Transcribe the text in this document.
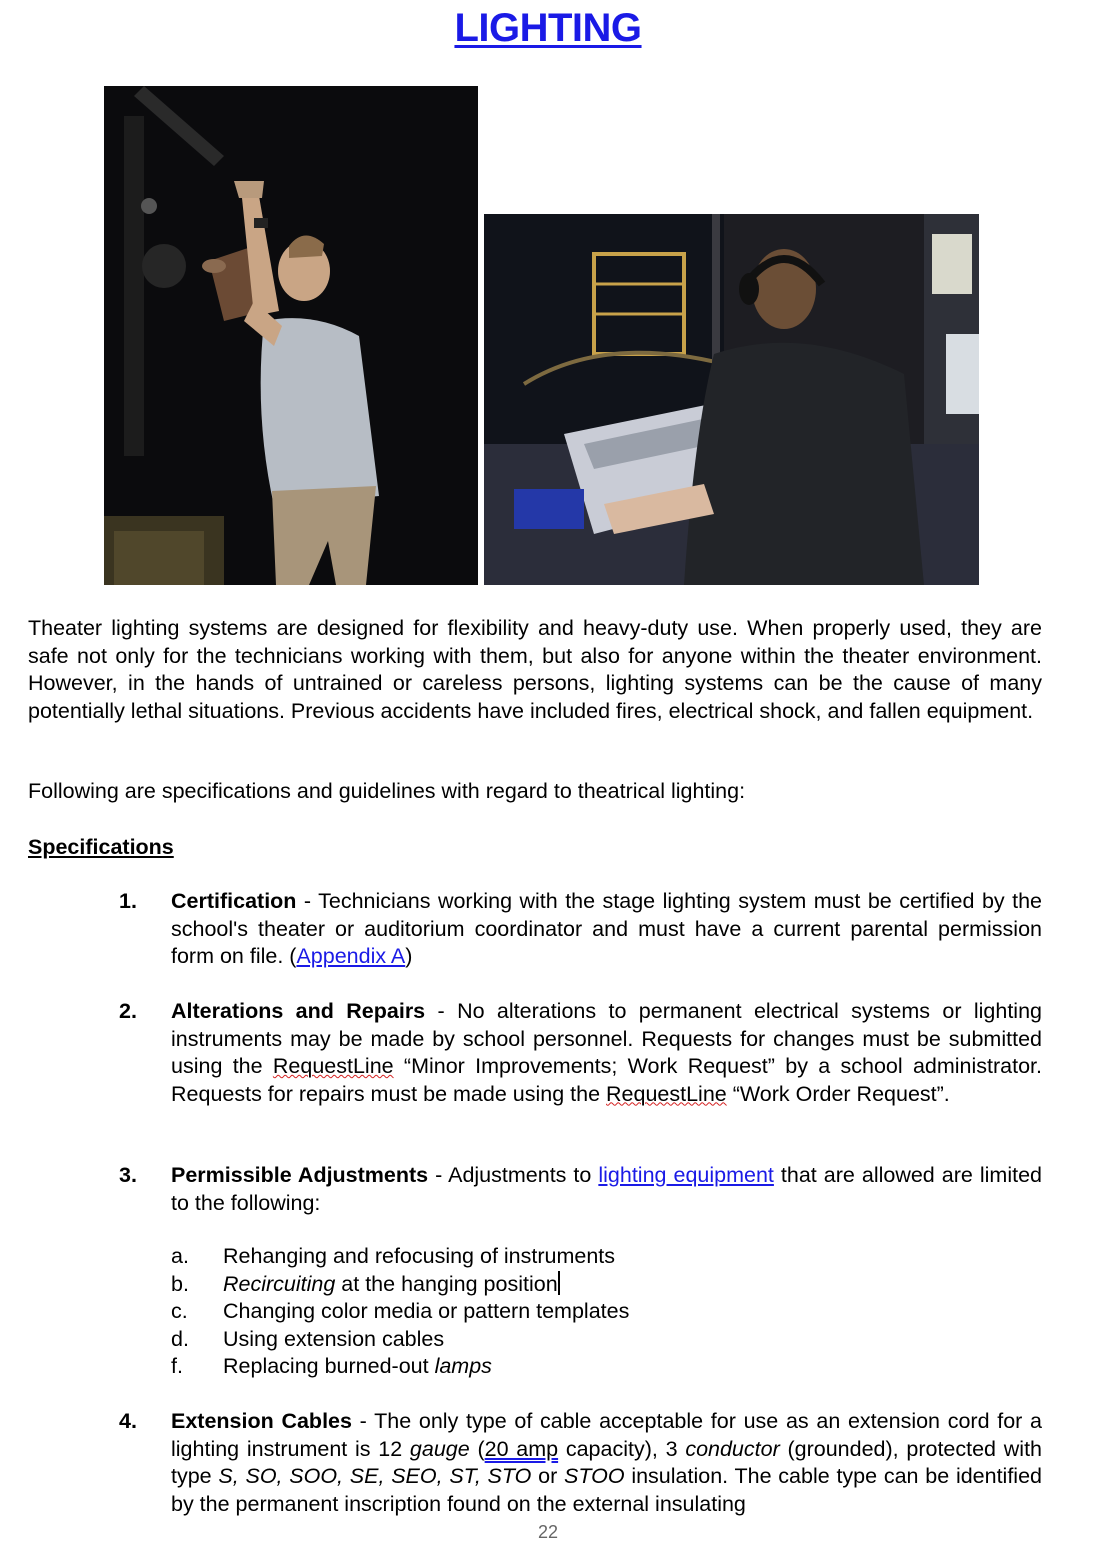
LIGHTING
Theater lighting systems are designed for flexibility and heavy-duty use. When properly used, they are safe not only for the technicians working with them, but also for anyone within the theater environment. However, in the hands of untrained or careless persons, lighting systems can be the cause of many potentially lethal situations. Previous accidents have included fires, electrical shock, and fallen equipment.
Following are specifications and guidelines with regard to theatrical lighting:
Specifications
1. Certification - Technicians working with the stage lighting system must be certified by the school's theater or auditorium coordinator and must have a current parental permission form on file. (Appendix A)
2. Alterations and Repairs - No alterations to permanent electrical systems or lighting instruments may be made by school personnel. Requests for changes must be submitted using the RequestLine “Minor Improvements; Work Request” by a school administrator. Requests for repairs must be made using the RequestLine “Work Order Request”.
3. Permissible Adjustments - Adjustments to lighting equipment that are allowed are limited to the following:
a.	Rehanging and refocusing of instruments
b.	Recircuiting at the hanging position
c.	Changing color media or pattern templates
d.	Using extension cables
f.	Replacing burned-out lamps
4. Extension Cables - The only type of cable acceptable for use as an extension cord for a lighting instrument is 12 gauge (20 amp capacity), 3 conductor (grounded), protected with type S, SO, SOO, SE, SEO, ST, STO or STOO insulation. The cable type can be identified by the permanent inscription found on the external insulating
22
